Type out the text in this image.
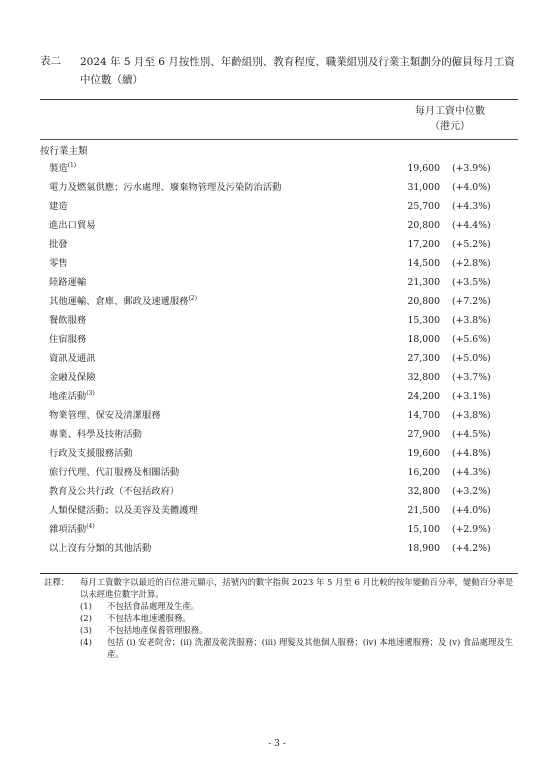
表二 2024 年 5 月至 6 月按性別、年齡組別、教育程度、職業組別及行業主類劃分的僱員每月工資中位數（續）
每月工資中位數
（港元）
按行業主類
製造$^{(1)}$	19,600 (+3.9%)
電力及燃氣供應；污水處理、廢棄物管理及污染防治活動	31,000 (+4.0%)
建造	25,700 (+4.3%)
進出口貿易	20,800 (+4.4%)
批發	17,200 (+5.2%)
零售	14,500 (+2.8%)
陸路運輸	21,300 (+3.5%)
其他運輸、倉庫、郵政及速遞服務$^{(2)}$	20,800 (+7.2%)
餐飲服務	15,300 (+3.8%)
住宿服務	18,000 (+5.6%)
資訊及通訊	27,300 (+5.0%)
金融及保險	32,800 (+3.7%)
地產活動$^{(3)}$	24,200 (+3.1%)
物業管理、保安及清潔服務	14,700 (+3.8%)
專業、科學及技術活動	27,900 (+4.5%)
行政及支援服務活動	19,600 (+4.8%)
旅行代理、代訂服務及相關活動	16,200 (+4.3%)
教育及公共行政（不包括政府）	32,800 (+3.2%)
人類保健活動；以及美容及美體護理	21,500 (+4.0%)
雜項活動$^{(4)}$	15,100 (+2.9%)
以上沒有分類的其他活動	18,900 (+4.2%)
註釋： 每月工資數字以最近的百位港元顯示，括號內的數字指與 2023 年 5 月至 6 月比較的按年變動百分率，變動百分率是以未經進位數字計算。
(1) 不包括食品處理及生產。
(2) 不包括本地速遞服務。
(3) 不包括地產保養管理服務。
(4) 包括 (i) 安老院舍；(ii) 洗濯及乾洗服務；(iii) 理髮及其他個人服務；(iv) 本地速遞服務；及 (v) 食品處理及生產。
- 3 -
